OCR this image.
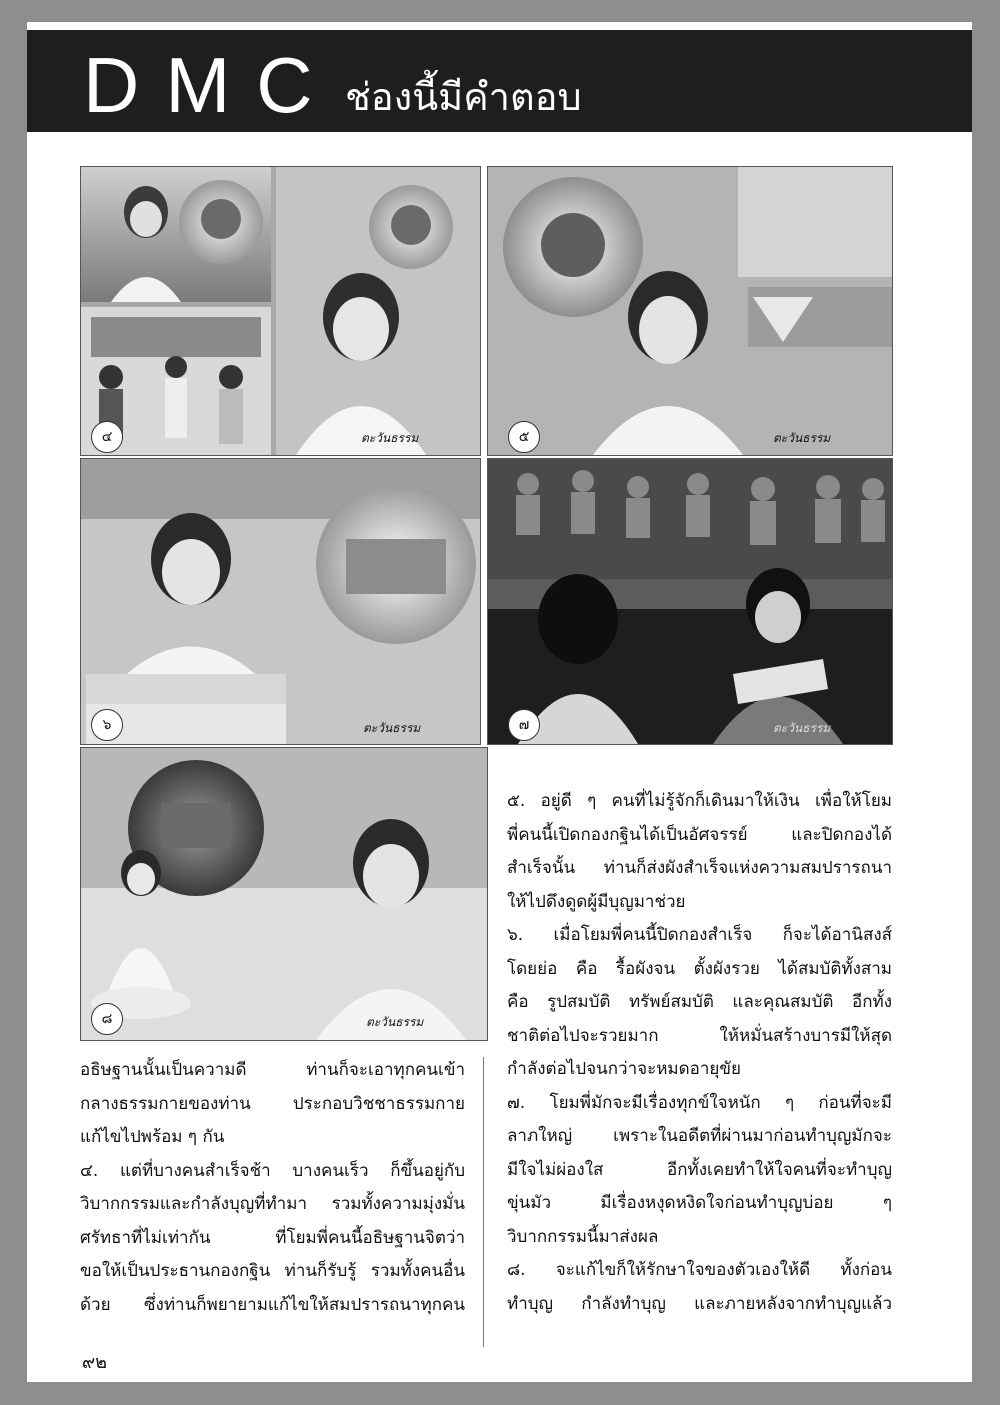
DMC ช่องนี้มีคำตอบ
๔	ตะวันธรรม	๕	ตะวันธรรม
๖	ตะวันธรรม	๗	ตะวันธรรม
๘	ตะวันธรรม

๕. อยู่ดี ๆ คนที่ไม่รู้จักก็เดินมาให้เงิน เพื่อให้โยม

พี่คนนี้เปิดกองกฐินได้เป็นอัศจรรย์ และปิดกองได้

สำเร็จนั้น ท่านก็ส่งผังสำเร็จแห่งความสมปรารถนา

ให้ไปดึงดูดผู้มีบุญมาช่วย

๖. เมื่อโยมพี่คนนี้ปิดกองสำเร็จ ก็จะได้อานิสงส์

โดยย่อ คือ รื้อผังจน ตั้งผังรวย ได้สมบัติทั้งสาม

คือ รูปสมบัติ ทรัพย์สมบัติ และคุณสมบัติ อีกทั้ง

ชาติต่อไปจะรวยมาก ให้หมั่นสร้างบารมีให้สุด

กำลังต่อไปจนกว่าจะหมดอายุขัย

๗. โยมพี่มักจะมีเรื่องทุกข์ใจหนัก ๆ ก่อนที่จะมี

ลาภใหญ่ เพราะในอดีตที่ผ่านมาก่อนทำบุญมักจะ

มีใจไม่ผ่องใส อีกทั้งเคยทำให้ใจคนที่จะทำบุญ

ขุ่นมัว มีเรื่องหงุดหงิดใจก่อนทำบุญบ่อย ๆ

วิบากกรรมนี้มาส่งผล

๘. จะแก้ไขก็ให้รักษาใจของตัวเองให้ดี ทั้งก่อน

ทำบุญ กำลังทำบุญ และภายหลังจากทำบุญแล้ว

อธิษฐานนั้นเป็นความดี ท่านก็จะเอาทุกคนเข้า

กลางธรรมกายของท่าน ประกอบวิชชาธรรมกาย

แก้ไขไปพร้อม ๆ กัน

๔. แต่ที่บางคนสำเร็จช้า บางคนเร็ว ก็ขึ้นอยู่กับ

วิบากกรรมและกำลังบุญที่ทำมา รวมทั้งความมุ่งมั่น

ศรัทธาที่ไม่เท่ากัน ที่โยมพี่คนนี้อธิษฐานจิตว่า

ขอให้เป็นประธานกองกฐิน ท่านก็รับรู้ รวมทั้งคนอื่น

ด้วย ซึ่งท่านก็พยายามแก้ไขให้สมปรารถนาทุกคน

๙๒
